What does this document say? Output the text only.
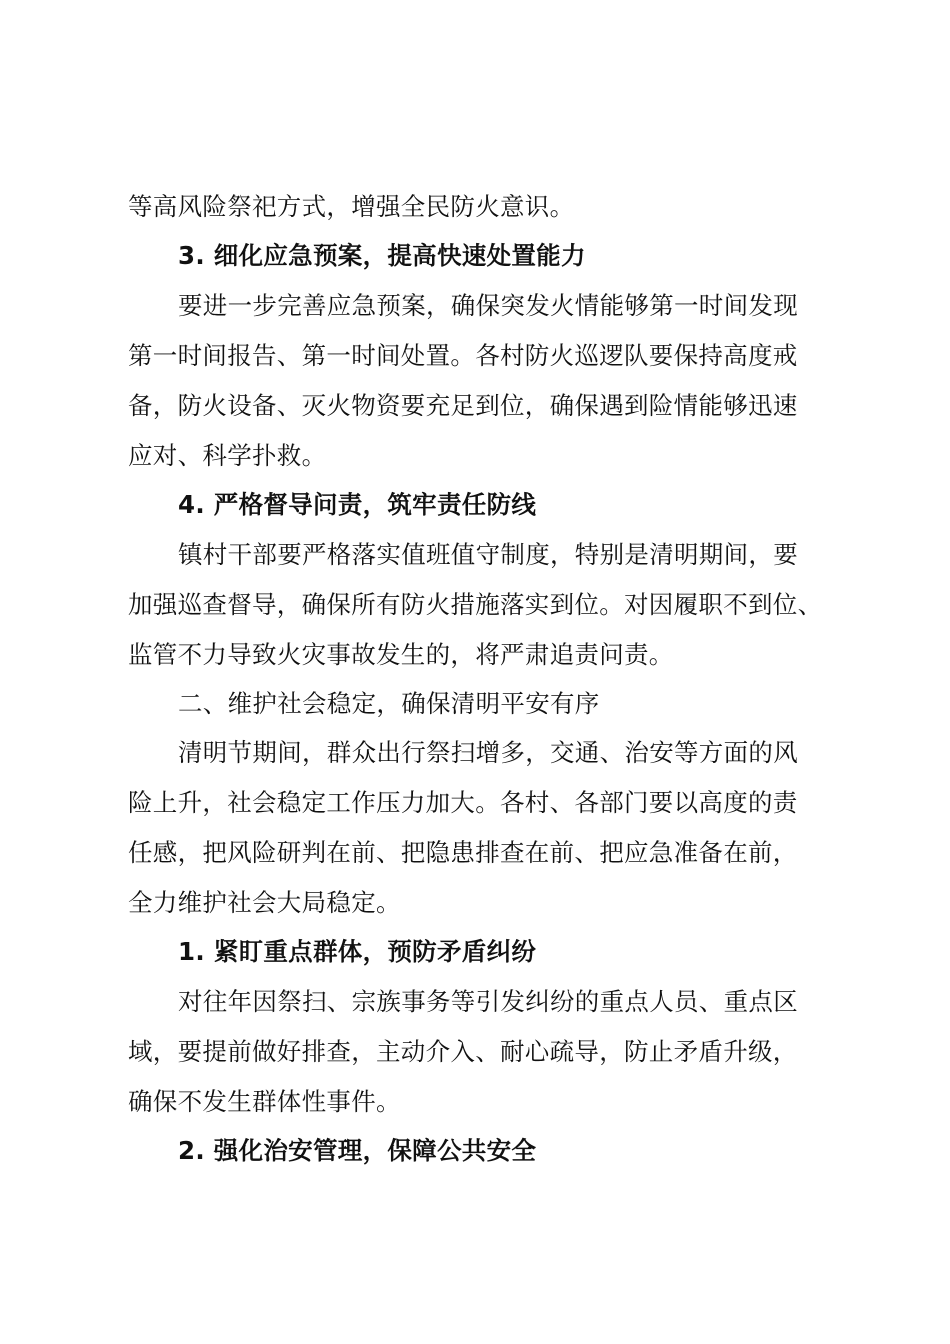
等高风险祭祀方式，增强全民防火意识。
3. 细化应急预案，提高快速处置能力
要进一步完善应急预案，确保突发火情能够第一时间发现
第一时间报告、第一时间处置。各村防火巡逻队要保持高度戒
备，防火设备、灭火物资要充足到位，确保遇到险情能够迅速
应对、科学扑救。
4. 严格督导问责，筑牢责任防线
镇村干部要严格落实值班值守制度，特别是清明期间，要
加强巡查督导，确保所有防火措施落实到位。对因履职不到位、
监管不力导致火灾事故发生的，将严肃追责问责。
二、维护社会稳定，确保清明平安有序
清明节期间，群众出行祭扫增多，交通、治安等方面的风
险上升，社会稳定工作压力加大。各村、各部门要以高度的责
任感，把风险研判在前、把隐患排查在前、把应急准备在前，
全力维护社会大局稳定。
1. 紧盯重点群体，预防矛盾纠纷
对往年因祭扫、宗族事务等引发纠纷的重点人员、重点区
域，要提前做好排查，主动介入、耐心疏导，防止矛盾升级，
确保不发生群体性事件。
2. 强化治安管理，保障公共安全
